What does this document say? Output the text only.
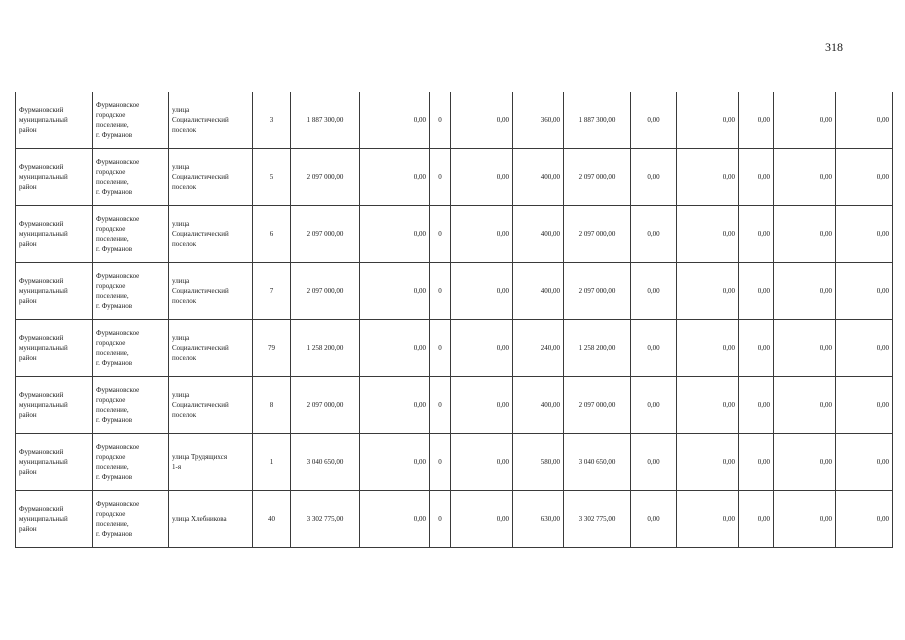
318
Фурмановский
муниципальный
район	Фурмановское
городское
поселение,
г. Фурманов	улица
Социалистический
поселок	3	1 887 300,00	0,00	0	0,00	360,00	1 887 300,00	0,00	0,00	0,00	0,00	0,00
Фурмановский
муниципальный
район	Фурмановское
городское
поселение,
г. Фурманов	улица
Социалистический
поселок	5	2 097 000,00	0,00	0	0,00	400,00	2 097 000,00	0,00	0,00	0,00	0,00	0,00
Фурмановский
муниципальный
район	Фурмановское
городское
поселение,
г. Фурманов	улица
Социалистический
поселок	6	2 097 000,00	0,00	0	0,00	400,00	2 097 000,00	0,00	0,00	0,00	0,00	0,00
Фурмановский
муниципальный
район	Фурмановское
городское
поселение,
г. Фурманов	улица
Социалистический
поселок	7	2 097 000,00	0,00	0	0,00	400,00	2 097 000,00	0,00	0,00	0,00	0,00	0,00
Фурмановский
муниципальный
район	Фурмановское
городское
поселение,
г. Фурманов	улица
Социалистический
поселок	79	1 258 200,00	0,00	0	0,00	240,00	1 258 200,00	0,00	0,00	0,00	0,00	0,00
Фурмановский
муниципальный
район	Фурмановское
городское
поселение,
г. Фурманов	улица
Социалистический
поселок	8	2 097 000,00	0,00	0	0,00	400,00	2 097 000,00	0,00	0,00	0,00	0,00	0,00
Фурмановский
муниципальный
район	Фурмановское
городское
поселение,
г. Фурманов	улица Трудящихся
1-я	1	3 040 650,00	0,00	0	0,00	580,00	3 040 650,00	0,00	0,00	0,00	0,00	0,00
Фурмановский
муниципальный
район	Фурмановское
городское
поселение,
г. Фурманов	улица Хлебникова	40	3 302 775,00	0,00	0	0,00	630,00	3 302 775,00	0,00	0,00	0,00	0,00	0,00
